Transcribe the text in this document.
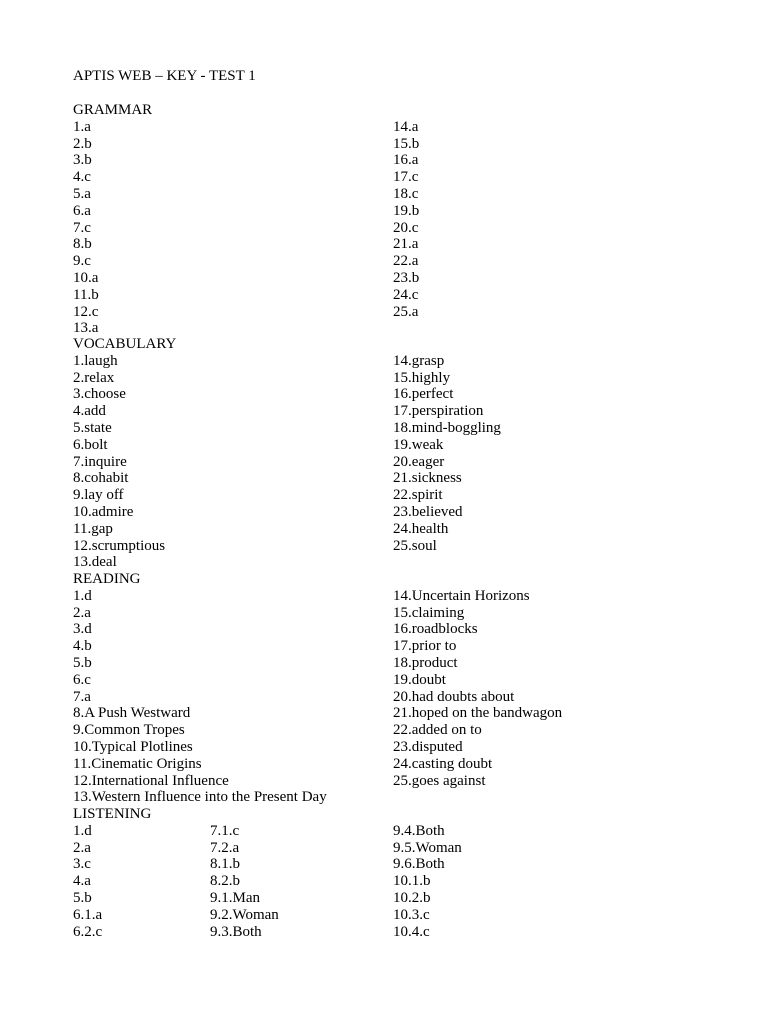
APTIS WEB – KEY - TEST 1
GRAMMAR
1.a	14.a
2.b	15.b
3.b	16.a
4.c	17.c
5.a	18.c
6.a	19.b
7.c	20.c
8.b	21.a
9.c	22.a
10.a	23.b
11.b	24.c
12.c	25.a
13.a
VOCABULARY
1.laugh	14.grasp
2.relax	15.highly
3.choose	16.perfect
4.add	17.perspiration
5.state	18.mind-boggling
6.bolt	19.weak
7.inquire	20.eager
8.cohabit	21.sickness
9.lay off	22.spirit
10.admire	23.believed
11.gap	24.health
12.scrumptious	25.soul
13.deal
READING
1.d	14.Uncertain Horizons
2.a	15.claiming
3.d	16.roadblocks
4.b	17.prior to
5.b	18.product
6.c	19.doubt
7.a	20.had doubts about
8.A Push Westward	21.hoped on the bandwagon
9.Common Tropes	22.added on to
10.Typical Plotlines	23.disputed
11.Cinematic Origins	24.casting doubt
12.International Influence	25.goes against
13.Western Influence into the Present Day
LISTENING
1.d	7.1.c	9.4.Both
2.a	7.2.a	9.5.Woman
3.c	8.1.b	9.6.Both
4.a	8.2.b	10.1.b
5.b	9.1.Man	10.2.b
6.1.a	9.2.Woman	10.3.c
6.2.c	9.3.Both	10.4.c
